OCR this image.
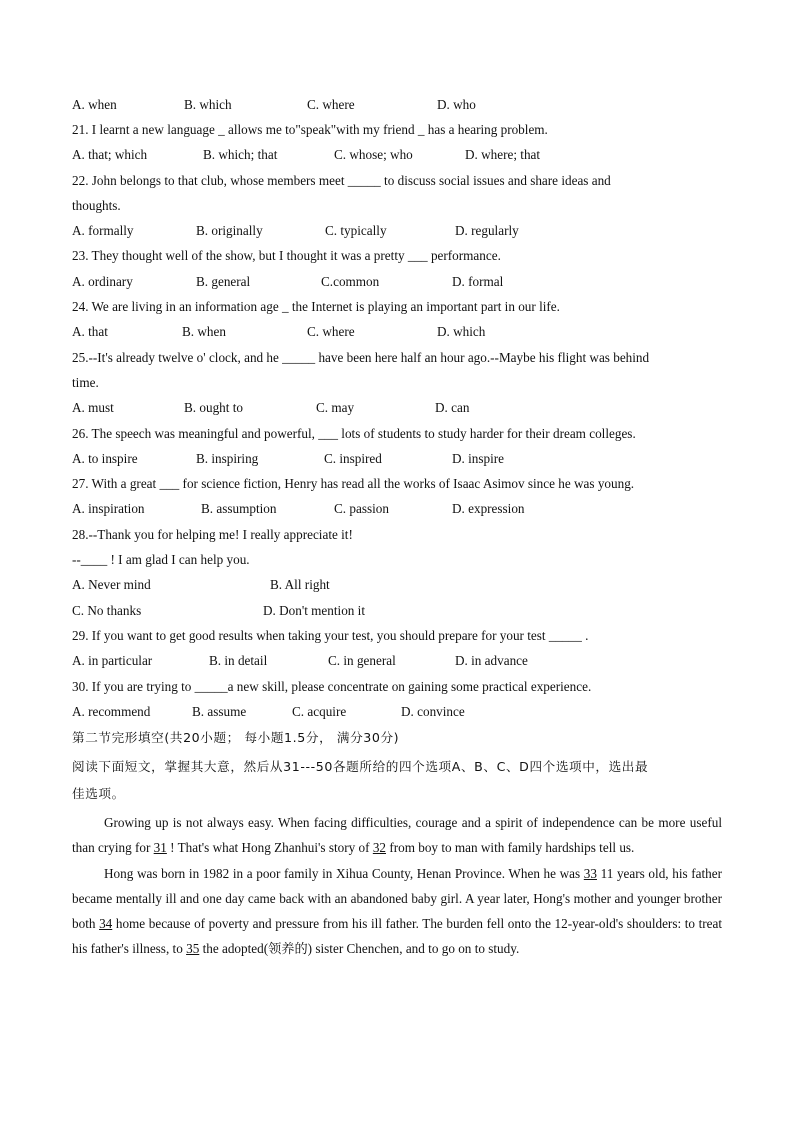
A. when	B. which	C. where	D. who
21. I learnt a new language _ allows me to"speak"with my friend _ has a hearing problem.
A. that; which	B. which; that	C. whose; who	D. where; that
22. John belongs to that club, whose members meet _____ to discuss social issues and share ideas and
thoughts.
A. formally	B. originally	C. typically	D. regularly
23. They thought well of the show, but I thought it was a pretty ___ performance.
A. ordinary	B. general	C.common	D. formal
24. We are living in an information age _ the Internet is playing an important part in our life.
A. that	B. when	C. where	D. which
25.--It's already twelve o' clock, and he _____ have been here half an hour ago.--Maybe his flight was behind
time.
A. must	B. ought to	C. may	D. can
26. The speech was meaningful and powerful, ___ lots of students to study harder for their dream colleges.
A. to inspire	B. inspiring	C. inspired	D. inspire
27. With a great ___ for science fiction, Henry has read all the works of Isaac Asimov since he was young.
A. inspiration	B. assumption	C. passion	D. expression
28.--Thank you for helping me! I really appreciate it!
--____ ! I am glad I can help you.
A. Never mind	B. All right
C. No thanks	D. Don't mention it
29. If you want to get good results when taking your test, you should prepare for your test _____ .
A. in particular	B. in detail	C. in general	D. in advance
30. If you are trying to _____a new skill, please concentrate on gaining some practical experience.
A. recommend	B. assume	C. acquire	D. convince
第二节完形填空(共20小题； 每小题1.5分， 满分30分)
阅读下面短文，掌握其大意，然后从31---50各题所给的四个选项A、B、C、D四个选项中，选出最
佳选项。

Growing up is not always easy. When facing difficulties, courage and a spirit of independence can be more useful than crying for 31 ! That's what Hong Zhanhui's story of 32 from boy to man with family hardships tell us.

Hong was born in 1982 in a poor family in Xihua County, Henan Province. When he was 33 11 years old, his father became mentally ill and one day came back with an abandoned baby girl. A year later, Hong's mother and younger brother both 34 home because of poverty and pressure from his ill father. The burden fell onto the 12-year-old's shoulders: to treat his father's illness, to 35 the adopted(领养的) sister Chenchen, and to go on to study.
